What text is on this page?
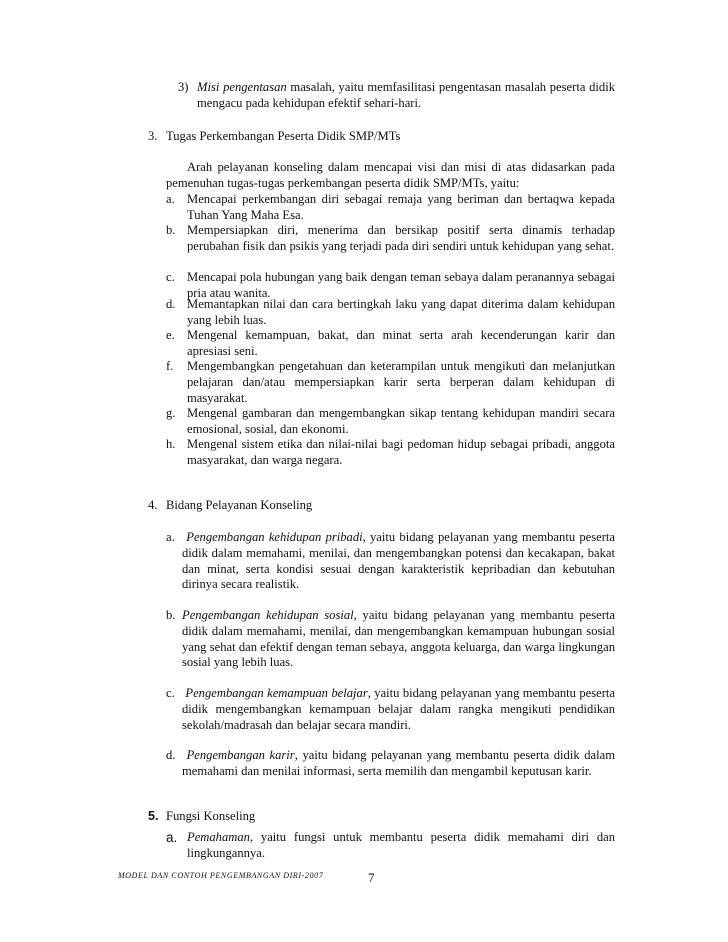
3) Misi pengentasan masalah, yaitu memfasilitasi pengentasan masalah peserta didik mengacu pada kehidupan efektif sehari-hari.
3. Tugas Perkembangan Peserta Didik SMP/MTs
Arah pelayanan konseling dalam mencapai visi dan misi di atas didasarkan pada pemenuhan tugas-tugas perkembangan peserta didik SMP/MTs, yaitu:
a. Mencapai perkembangan diri sebagai remaja yang beriman dan bertaqwa kepada Tuhan Yang Maha Esa.
b. Mempersiapkan diri, menerima dan bersikap positif serta dinamis terhadap perubahan fisik dan psikis yang terjadi pada diri sendiri untuk kehidupan yang sehat.
c. Mencapai pola hubungan yang baik dengan teman sebaya dalam peranannya sebagai pria atau wanita.
d. Memantapkan nilai dan cara bertingkah laku yang dapat diterima dalam kehidupan yang lebih luas.
e. Mengenal kemampuan, bakat, dan minat serta arah kecenderungan karir dan apresiasi seni.
f. Mengembangkan pengetahuan dan keterampilan untuk mengikuti dan melanjutkan pelajaran dan/atau mempersiapkan karir serta berperan dalam kehidupan di masyarakat.
g. Mengenal gambaran dan mengembangkan sikap tentang kehidupan mandiri secara emosional, sosial, dan ekonomi.
h. Mengenal sistem etika dan nilai-nilai bagi pedoman hidup sebagai pribadi, anggota masyarakat, dan warga negara.
4. Bidang Pelayanan Konseling
a. Pengembangan kehidupan pribadi, yaitu bidang pelayanan yang membantu peserta didik dalam memahami, menilai, dan mengembangkan potensi dan kecakapan, bakat dan minat, serta kondisi sesuai dengan karakteristik kepribadian dan kebutuhan dirinya secara realistik.
b. Pengembangan kehidupan sosial, yaitu bidang pelayanan yang membantu peserta didik dalam memahami, menilai, dan mengembangkan kemampuan hubungan sosial yang sehat dan efektif dengan teman sebaya, anggota keluarga, dan warga lingkungan sosial yang lebih luas.
c. Pengembangan kemampuan belajar, yaitu bidang pelayanan yang membantu peserta didik mengembangkan kemampuan belajar dalam rangka mengikuti pendidikan sekolah/madrasah dan belajar secara mandiri.
d. Pengembangan karir, yaitu bidang pelayanan yang membantu peserta didik dalam memahami dan menilai informasi, serta memilih dan mengambil keputusan karir.
5. Fungsi Konseling
a. Pemahaman, yaitu fungsi untuk membantu peserta didik memahami diri dan lingkungannya.
MODEL DAN CONTOH PENGEMBANGAN DIRI-2007	7
